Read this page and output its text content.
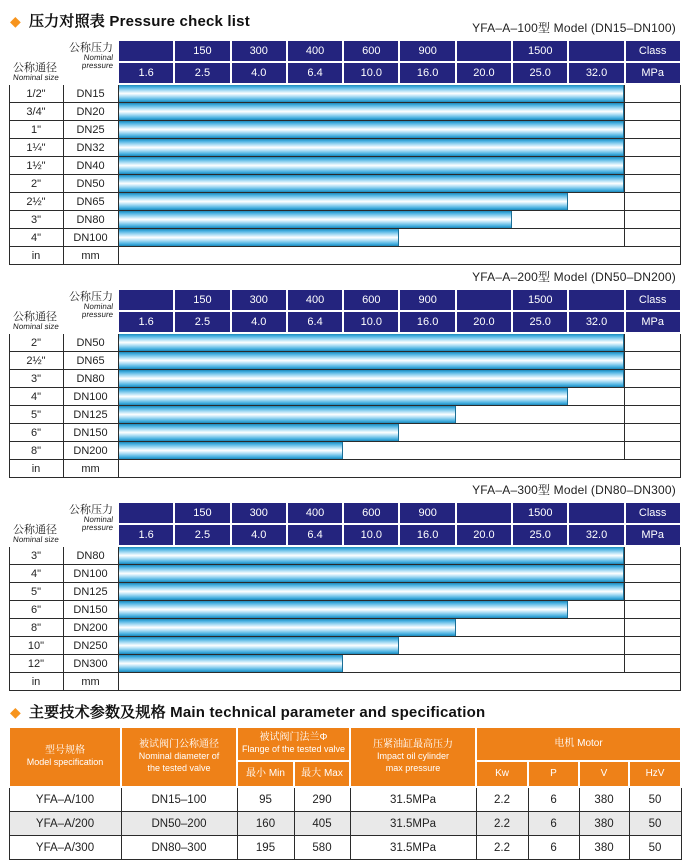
◆ 压力对照表 Pressure check list	YFA–A–100型 Model (DN15–DN100)
公称压力
Nominal
pressure
公称通径
Nominal size			150	300	400	600	900		1500		Class
		1.6	2.5	4.0	6.4	10.0	16.0	20.0	25.0	32.0	MPa
1/2"	DN15									

3/4"	DN20									

1"	DN25									

1¼"	DN32									

1½"	DN40									

2"	DN50									

2½"	DN65									

3"	DN80									

4"	DN100									

in	mm										
YFA–A–200型 Model (DN50–DN200)
公称压力
Nominal
pressure
公称通径
Nominal size			150	300	400	600	900		1500		Class
		1.6	2.5	4.0	6.4	10.0	16.0	20.0	25.0	32.0	MPa
2"	DN50									

2½"	DN65									

3"	DN80									

4"	DN100									

5"	DN125									

6"	DN150									

8"	DN200									

in	mm										
YFA–A–300型 Model (DN80–DN300)
公称压力
Nominal
pressure
公称通径
Nominal size			150	300	400	600	900		1500		Class
		1.6	2.5	4.0	6.4	10.0	16.0	20.0	25.0	32.0	MPa
3"	DN80									

4"	DN100									

5"	DN125									

6"	DN150									

8"	DN200									

10"	DN250									

12"	DN300									

in	mm										
◆ 主要技术参数及规格 Main technical parameter and specification
型号规格
Model specification	被试阀门公称通径
Nominal diameter of
the tested valve	被试阀门法兰Φ
Flange of the tested valve		压紧油缸最高压力
Impact oil cylinder
max pressure	电机 Motor			
		最小 Min	最大 Max		Kw	P	V	HzV
YFA–A/100	DN15–100	95	290	31.5MPa	2.2	6	380	50
YFA–A/200	DN50–200	160	405	31.5MPa	2.2	6	380	50
YFA–A/300	DN80–300	195	580	31.5MPa	2.2	6	380	50
